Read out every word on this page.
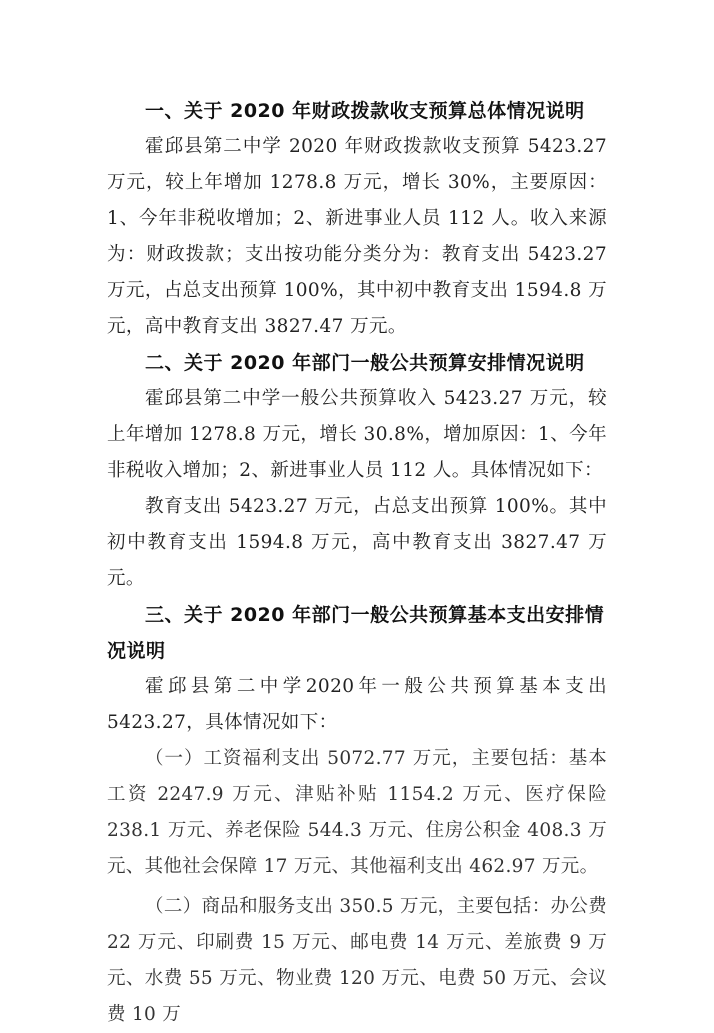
一、关于 2020 年财政拨款收支预算总体情况说明

霍邱县第二中学 2020 年财政拨款收支预算 5423.27 万元，较上年增加 1278.8 万元，增长 30%，主要原因：1、今年非税收增加；2、新进事业人员 112 人。收入来源为：财政拨款；支出按功能分类分为：教育支出 5423.27 万元，占总支出预算 100%，其中初中教育支出 1594.8 万元，高中教育支出 3827.47 万元。

二、关于 2020 年部门一般公共预算安排情况说明

霍邱县第二中学一般公共预算收入 5423.27 万元，较上年增加 1278.8 万元，增长 30.8%，增加原因：1、今年非税收入增加；2、新进事业人员 112 人。具体情况如下：

教育支出 5423.27 万元，占总支出预算 100%。其中初中教育支出 1594.8 万元，高中教育支出 3827.47 万元。

三、关于 2020 年部门一般公共预算基本支出安排情况说明

霍邱县第二中学2020年一般公共预算基本支出 5423.27，具体情况如下：

（一）工资福利支出 5072.77 万元，主要包括：基本工资 2247.9 万元、津贴补贴 1154.2 万元、医疗保险 238.1 万元、养老保险 544.3 万元、住房公积金 408.3 万元、其他社会保障 17 万元、其他福利支出 462.97 万元。

（二）商品和服务支出 350.5 万元，主要包括：办公费 22 万元、印刷费 15 万元、邮电费 14 万元、差旅费 9 万元、水费 55 万元、物业费 120 万元、电费 50 万元、会议费 10 万
